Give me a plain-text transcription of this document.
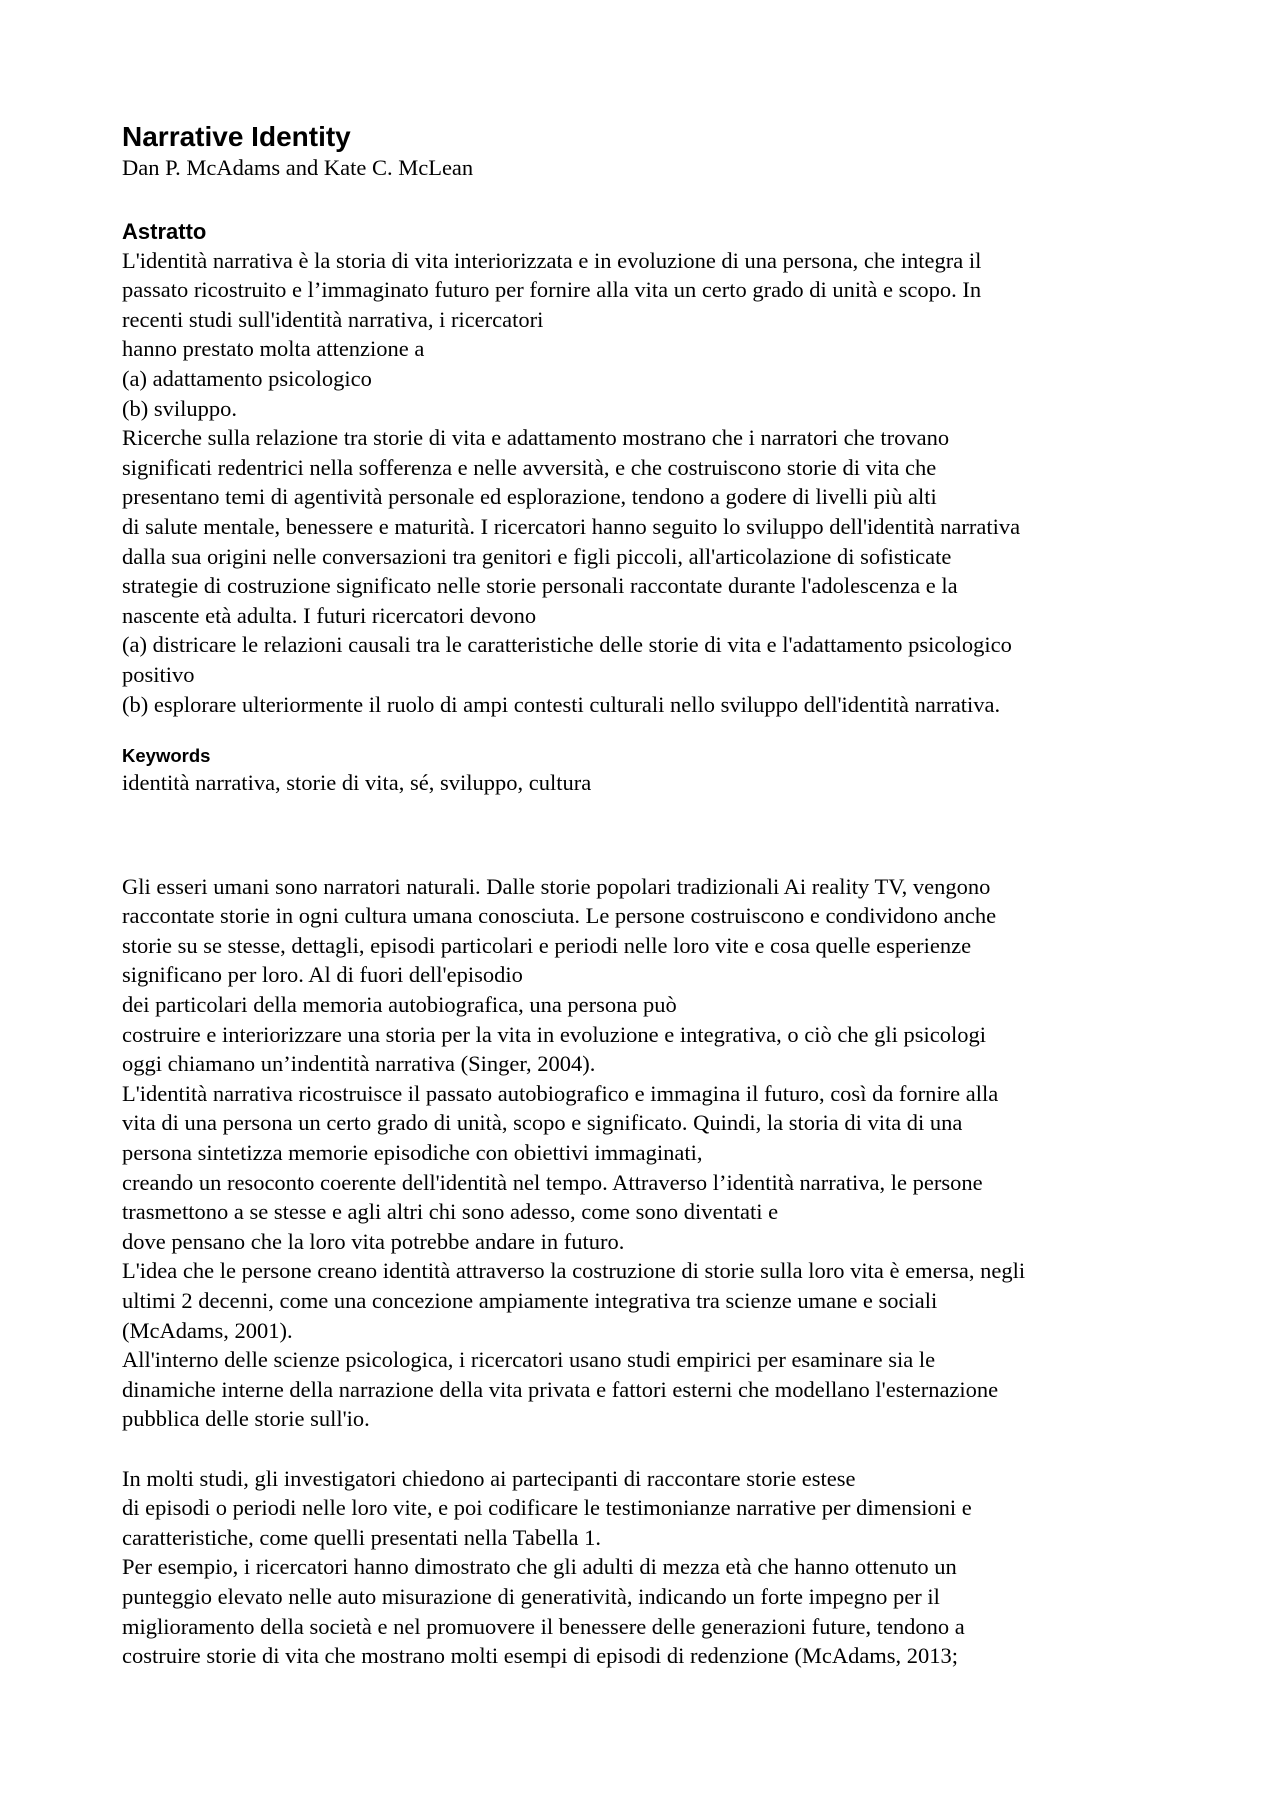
Narrative Identity

Dan P. McAdams and Kate C. McLean

Astratto

L'identità narrativa è la storia di vita interiorizzata e in evoluzione di una persona, che integra il

passato ricostruito e l’immaginato futuro per fornire alla vita un certo grado di unità e scopo. In

recenti studi sull'identità narrativa, i ricercatori

hanno prestato molta attenzione a

(a) adattamento psicologico

(b) sviluppo.

Ricerche sulla relazione tra storie di vita e adattamento mostrano che i narratori che trovano

significati redentrici nella sofferenza e nelle avversità, e che costruiscono storie di vita che

presentano temi di agentività personale ed esplorazione, tendono a godere di livelli più alti

di salute mentale, benessere e maturità. I ricercatori hanno seguito lo sviluppo dell'identità narrativa

dalla sua origini nelle conversazioni tra genitori e figli piccoli, all'articolazione di sofisticate

strategie di costruzione significato nelle storie personali raccontate durante l'adolescenza e la

nascente età adulta. I futuri ricercatori devono

(a) districare le relazioni causali tra le caratteristiche delle storie di vita e l'adattamento psicologico

positivo

(b) esplorare ulteriormente il ruolo di ampi contesti culturali nello sviluppo dell'identità narrativa.

Keywords

identità narrativa, storie di vita, sé, sviluppo, cultura

Gli esseri umani sono narratori naturali. Dalle storie popolari tradizionali Ai reality TV, vengono

raccontate storie in ogni cultura umana conosciuta. Le persone costruiscono e condividono anche

storie su se stesse, dettagli, episodi particolari e periodi nelle loro vite e cosa quelle esperienze

significano per loro. Al di fuori dell'episodio

dei particolari della memoria autobiografica, una persona può

costruire e interiorizzare una storia per la vita in evoluzione e integrativa, o ciò che gli psicologi

oggi chiamano un’indentità narrativa (Singer, 2004).

L'identità narrativa ricostruisce il passato autobiografico e immagina il futuro, così da fornire alla

vita di una persona un certo grado di unità, scopo e significato. Quindi, la storia di vita di una

persona sintetizza memorie episodiche con obiettivi immaginati,

creando un resoconto coerente dell'identità nel tempo. Attraverso l’identità narrativa, le persone

trasmettono a se stesse e agli altri chi sono adesso, come sono diventati e

dove pensano che la loro vita potrebbe andare in futuro.

L'idea che le persone creano identità attraverso la costruzione di storie sulla loro vita è emersa, negli

ultimi 2 decenni, come una concezione ampiamente integrativa tra scienze umane e sociali

(McAdams, 2001).

All'interno delle scienze psicologica, i ricercatori usano studi empirici per esaminare sia le

dinamiche interne della narrazione della vita privata e fattori esterni che modellano l'esternazione

pubblica delle storie sull'io.

In molti studi, gli investigatori chiedono ai partecipanti di raccontare storie estese

di episodi o periodi nelle loro vite, e poi codificare le testimonianze narrative per dimensioni e

caratteristiche, come quelli presentati nella Tabella 1.

Per esempio, i ricercatori hanno dimostrato che gli adulti di mezza età che hanno ottenuto un

punteggio elevato nelle auto misurazione di generatività, indicando un forte impegno per il

miglioramento della società e nel promuovere il benessere delle generazioni future, tendono a

costruire storie di vita che mostrano molti esempi di episodi di redenzione (McAdams, 2013;
